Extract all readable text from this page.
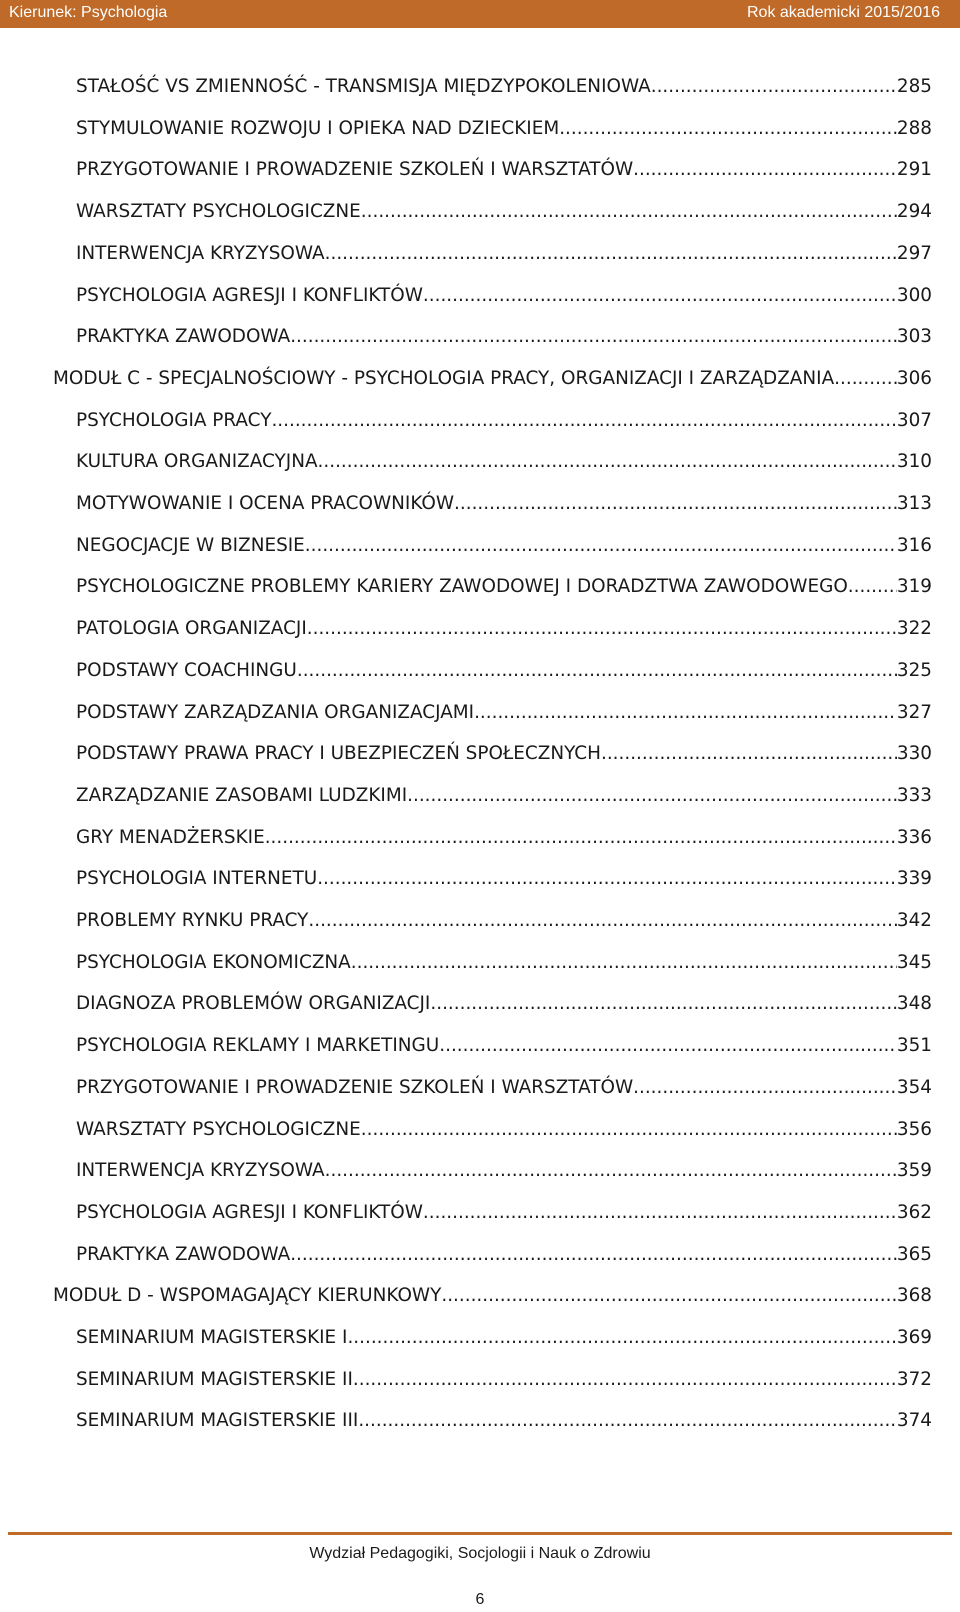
Kierunek: Psychologia	Rok akademicki 2015/2016
STAŁOŚĆ VS ZMIENNOŚĆ - TRANSMISJA MIĘDZYPOKOLENIOWA .....	285
STYMULOWANIE ROZWOJU I OPIEKA NAD DZIECKIEM .....	288
PRZYGOTOWANIE I PROWADZENIE SZKOLEŃ I WARSZTATÓW .....	291
WARSZTATY PSYCHOLOGICZNE .....	294
INTERWENCJA KRYZYSOWA .....	297
PSYCHOLOGIA AGRESJI I KONFLIKTÓW .....	300
PRAKTYKA ZAWODOWA .....	303
MODUŁ C - SPECJALNOŚCIOWY - PSYCHOLOGIA PRACY, ORGANIZACJI I ZARZĄDZANIA .....	306
PSYCHOLOGIA PRACY .....	307
KULTURA ORGANIZACYJNA .....	310
MOTYWOWANIE I OCENA PRACOWNIKÓW .....	313
NEGOCJACJE W BIZNESIE .....	316
PSYCHOLOGICZNE PROBLEMY KARIERY ZAWODOWEJ I DORADZTWA ZAWODOWEGO .....	319
PATOLOGIA ORGANIZACJI .....	322
PODSTAWY COACHINGU .....	325
PODSTAWY ZARZĄDZANIA ORGANIZACJAMI .....	327
PODSTAWY PRAWA PRACY I UBEZPIECZEŃ SPOŁECZNYCH .....	330
ZARZĄDZANIE ZASOBAMI LUDZKIMI .....	333
GRY MENADŻERSKIE .....	336
PSYCHOLOGIA INTERNETU .....	339
PROBLEMY RYNKU PRACY .....	342
PSYCHOLOGIA EKONOMICZNA .....	345
DIAGNOZA PROBLEMÓW ORGANIZACJI .....	348
PSYCHOLOGIA REKLAMY I MARKETINGU .....	351
PRZYGOTOWANIE I PROWADZENIE SZKOLEŃ I WARSZTATÓW .....	354
WARSZTATY PSYCHOLOGICZNE .....	356
INTERWENCJA KRYZYSOWA .....	359
PSYCHOLOGIA AGRESJI I KONFLIKTÓW .....	362
PRAKTYKA ZAWODOWA .....	365
MODUŁ D - WSPOMAGAJĄCY KIERUNKOWY .....	368
SEMINARIUM MAGISTERSKIE I .....	369
SEMINARIUM MAGISTERSKIE II .....	372
SEMINARIUM MAGISTERSKIE III .....	374
Wydział Pedagogiki, Socjologii i Nauk o Zdrowiu
6
